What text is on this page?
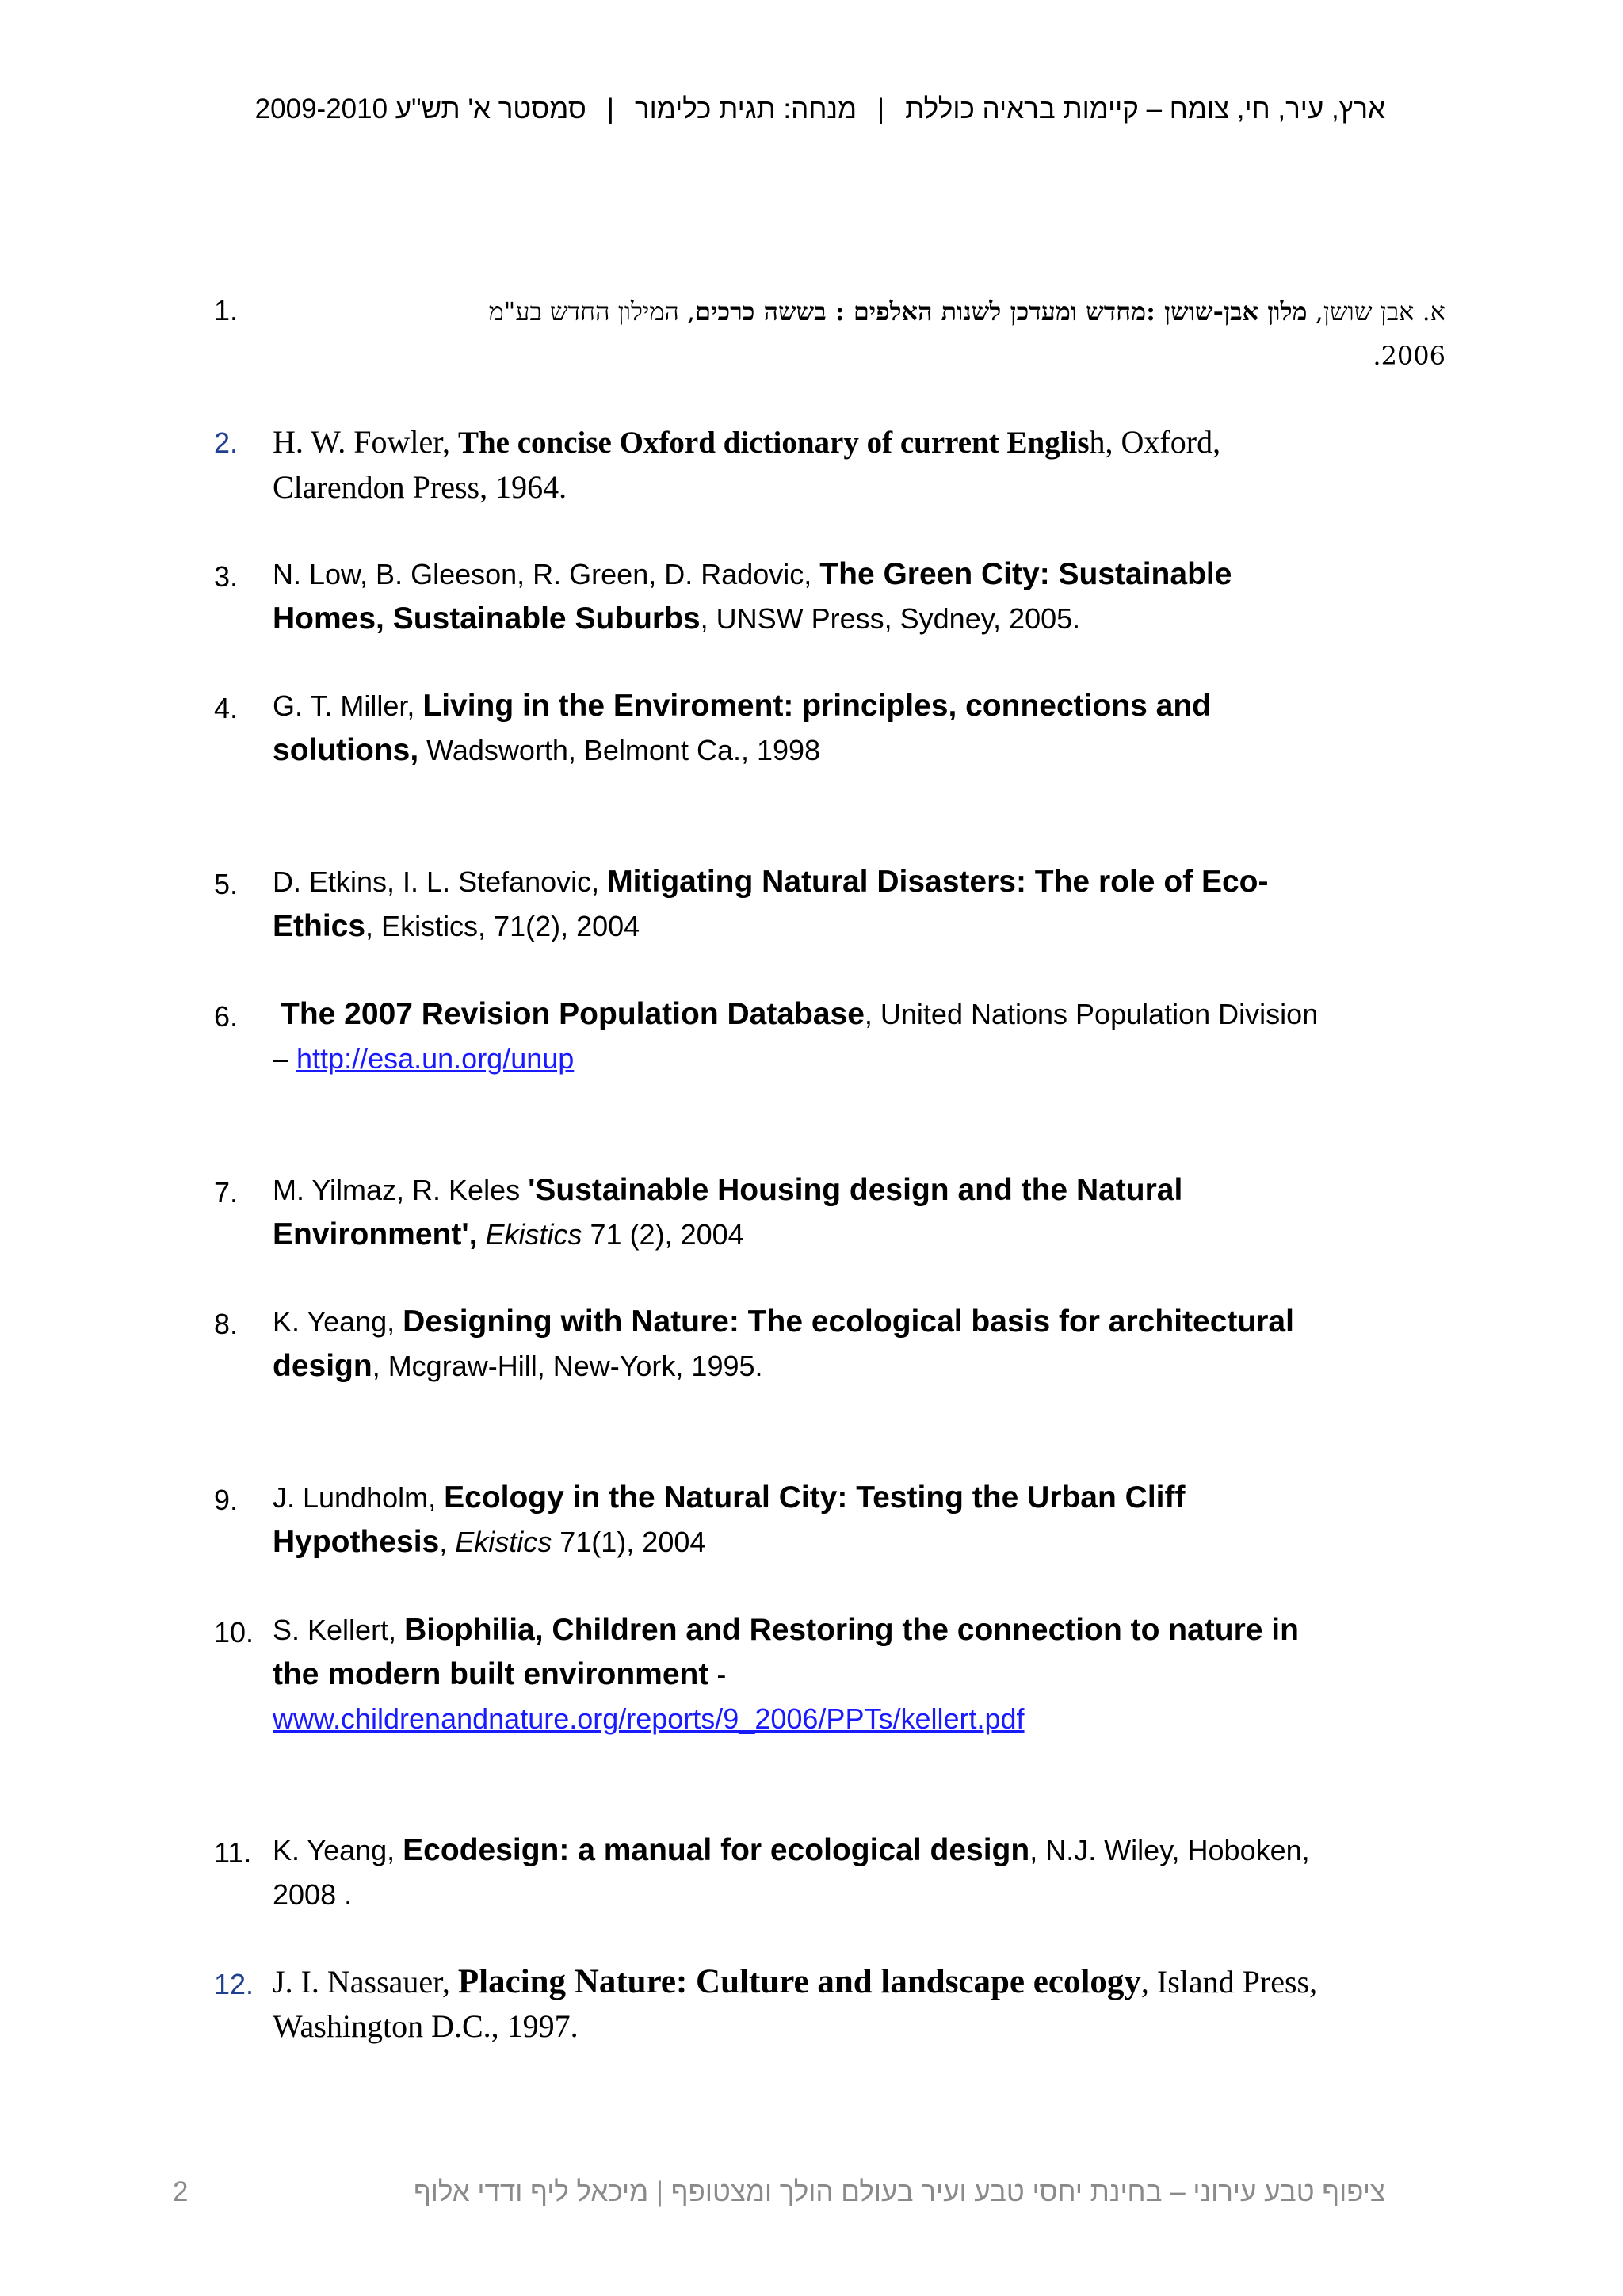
ארץ, עיר, חי, צומח – קיימות בראיה כוללת|מנחה: תגית כלימור|סמסטר א' תש"ע 2009-2010
1.	א. אבן שושן, מלון אבן-שושן :מחדש ומעדכן לשנות האלפים : בששה כרכים, המילון החדש בע"מ
2006.
2. H. W. Fowler, The concise Oxford dictionary of current English, Oxford,
Clarendon Press, 1964.
3. N. Low, B. Gleeson, R. Green, D. Radovic, The Green City: Sustainable
Homes, Sustainable Suburbs, UNSW Press, Sydney, 2005.
4. G. T. Miller, Living in the Enviroment: principles, connections and
solutions, Wadsworth, Belmont Ca., 1998
5. D. Etkins, I. L. Stefanovic, Mitigating Natural Disasters: The role of Eco-
Ethics, Ekistics, 71(2), 2004
6. The 2007 Revision Population Database, United Nations Population Division
– http://esa.un.org/unup
7. M. Yilmaz, R. Keles 'Sustainable Housing design and the Natural
Environment', Ekistics 71 (2), 2004
8. K. Yeang, Designing with Nature: The ecological basis for architectural
design, Mcgraw-Hill, New-York, 1995.
9. J. Lundholm, Ecology in the Natural City: Testing the Urban Cliff
Hypothesis, Ekistics 71(1), 2004
10. S. Kellert, Biophilia, Children and Restoring the connection to nature in
the modern built environment -
www.childrenandnature.org/reports/9_2006/PPTs/kellert.pdf
11. K. Yeang, Ecodesign: a manual for ecological design, N.J. Wiley, Hoboken,
2008 .
12. J. I. Nassauer, Placing Nature: Culture and landscape ecology, Island Press,
Washington D.C., 1997.
ציפוף טבע עירוני – בחינת יחסי טבע ועיר בעולם הולך ומצטופף | מיכאל ליף ודדי אלוף
2
